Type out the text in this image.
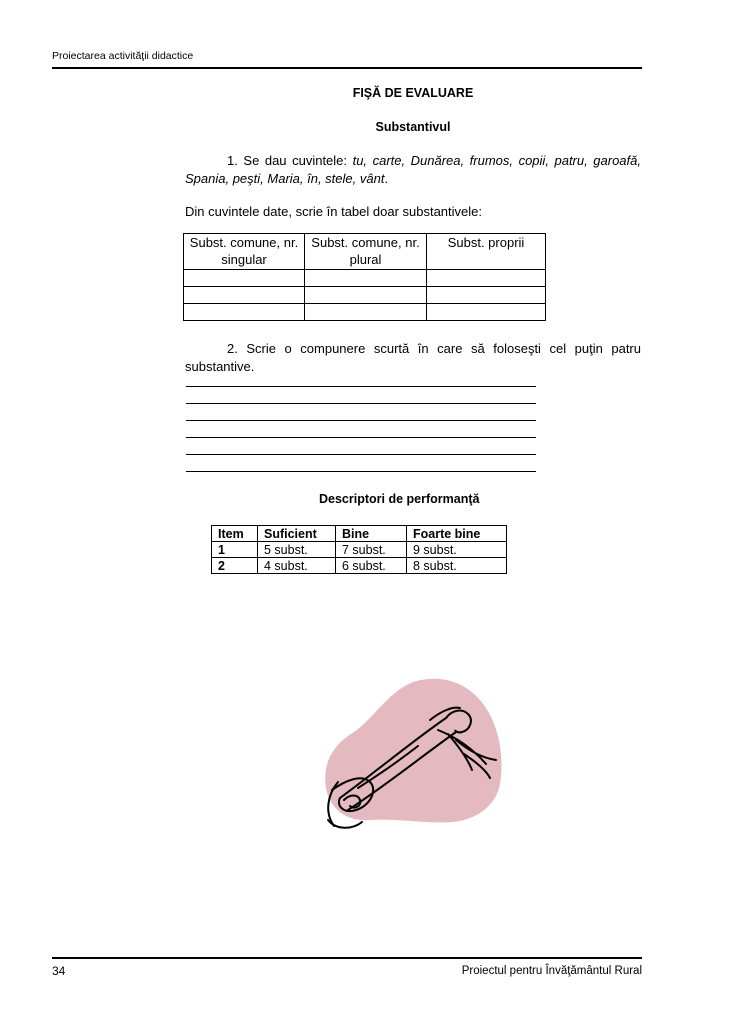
Proiectarea activităţii didactice
FIŞĂ DE EVALUARE
Substantivul
1. Se dau cuvintele: tu, carte, Dunărea, frumos, copii, patru, garoafă, Spania, peşti, Maria, în, stele, vânt.
Din cuvintele date, scrie în tabel doar substantivele:
Subst. comune, nr. singular	Subst. comune, nr. plural	Subst. proprii

2. Scrie o compunere scurtă în care să foloseşti cel puţin patru substantive.
Descriptori de performanţă
Item	Suficient	Bine	Foarte bine
1	5 subst.	7 subst.	9 subst.
2	4 subst.	6 subst.	8 subst.
34	Proiectul pentru Învăţământul Rural
